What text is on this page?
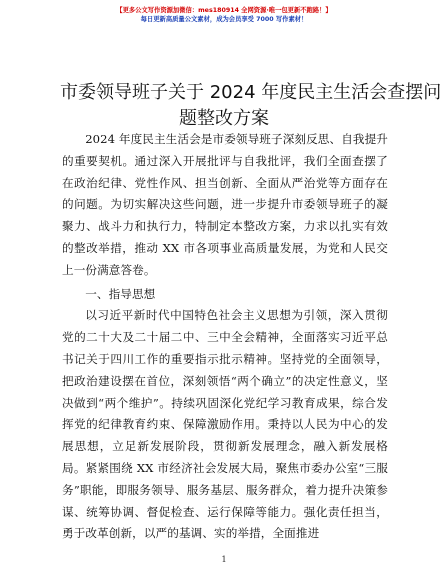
【更多公文写作资源加微信：mes180914 全网资源·唯一包更新不跑路！】
每日更新高质量公文素材，成为会员享受 7000 写作素材！
市委领导班子关于 2024 年度民主生活会查摆问
题整改方案

2024 年度民主生活会是市委领导班子深刻反思、自我提升的重要契机。通过深入开展批评与自我批评，我们全面查摆了在政治纪律、党性作风、担当创新、全面从严治党等方面存在的问题。为切实解决这些问题，进一步提升市委领导班子的凝聚力、战斗力和执行力，特制定本整改方案，力求以扎实有效的整改举措，推动 XX 市各项事业高质量发展，为党和人民交上一份满意答卷。

一、指导思想

以习近平新时代中国特色社会主义思想为引领，深入贯彻党的二十大及二十届二中、三中全会精神，全面落实习近平总书记关于四川工作的重要指示批示精神。坚持党的全面领导，把政治建设摆在首位，深刻领悟“两个确立”的决定性意义，坚决做到“两个维护”。持续巩固深化党纪学习教育成果，综合发挥党的纪律教育约束、保障激励作用。秉持以人民为中心的发展思想，立足新发展阶段，贯彻新发展理念，融入新发展格局。紧紧围绕 XX 市经济社会发展大局，聚焦市委办公室“三服务”职能，即服务领导、服务基层、服务群众，着力提升决策参谋、统筹协调、督促检查、运行保障等能力。强化责任担当，勇于改革创新，以严的基调、实的举措，全面推进

1
